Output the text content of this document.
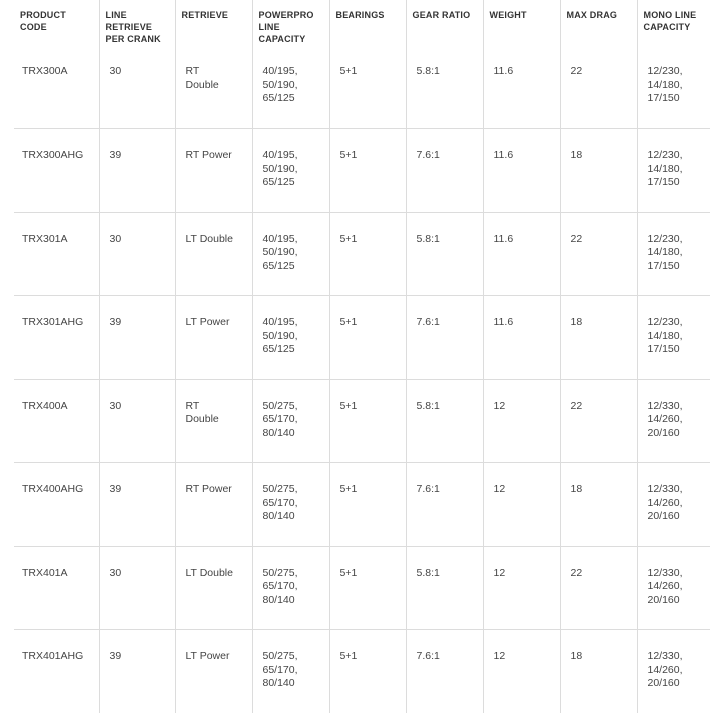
PRODUCT CODE	LINE RETRIEVE PER CRANK	RETRIEVE	POWERPRO LINE CAPACITY	BEARINGS	GEAR RATIO	WEIGHT	MAX DRAG	MONO LINE CAPACITY
TRX300A	30	RT
Double	40/195,
50/190,
65/125	5+1	5.8:1	11.6	22	12/230,
14/180,
17/150

TRX300AHG	39	RT Power	40/195,
50/190,
65/125	5+1	7.6:1	11.6	18	12/230,
14/180,
17/150

TRX301A	30	LT Double	40/195,
50/190,
65/125	5+1	5.8:1	11.6	22	12/230,
14/180,
17/150

TRX301AHG	39	LT Power	40/195,
50/190,
65/125	5+1	7.6:1	11.6	18	12/230,
14/180,
17/150

TRX400A	30	RT
Double	50/275,
65/170,
80/140	5+1	5.8:1	12	22	12/330,
14/260,
20/160

TRX400AHG	39	RT Power	50/275,
65/170,
80/140	5+1	7.6:1	12	18	12/330,
14/260,
20/160

TRX401A	30	LT Double	50/275,
65/170,
80/140	5+1	5.8:1	12	22	12/330,
14/260,
20/160

TRX401AHG	39	LT Power	50/275,
65/170,
80/140	5+1	7.6:1	12	18	12/330,
14/260,
20/160
